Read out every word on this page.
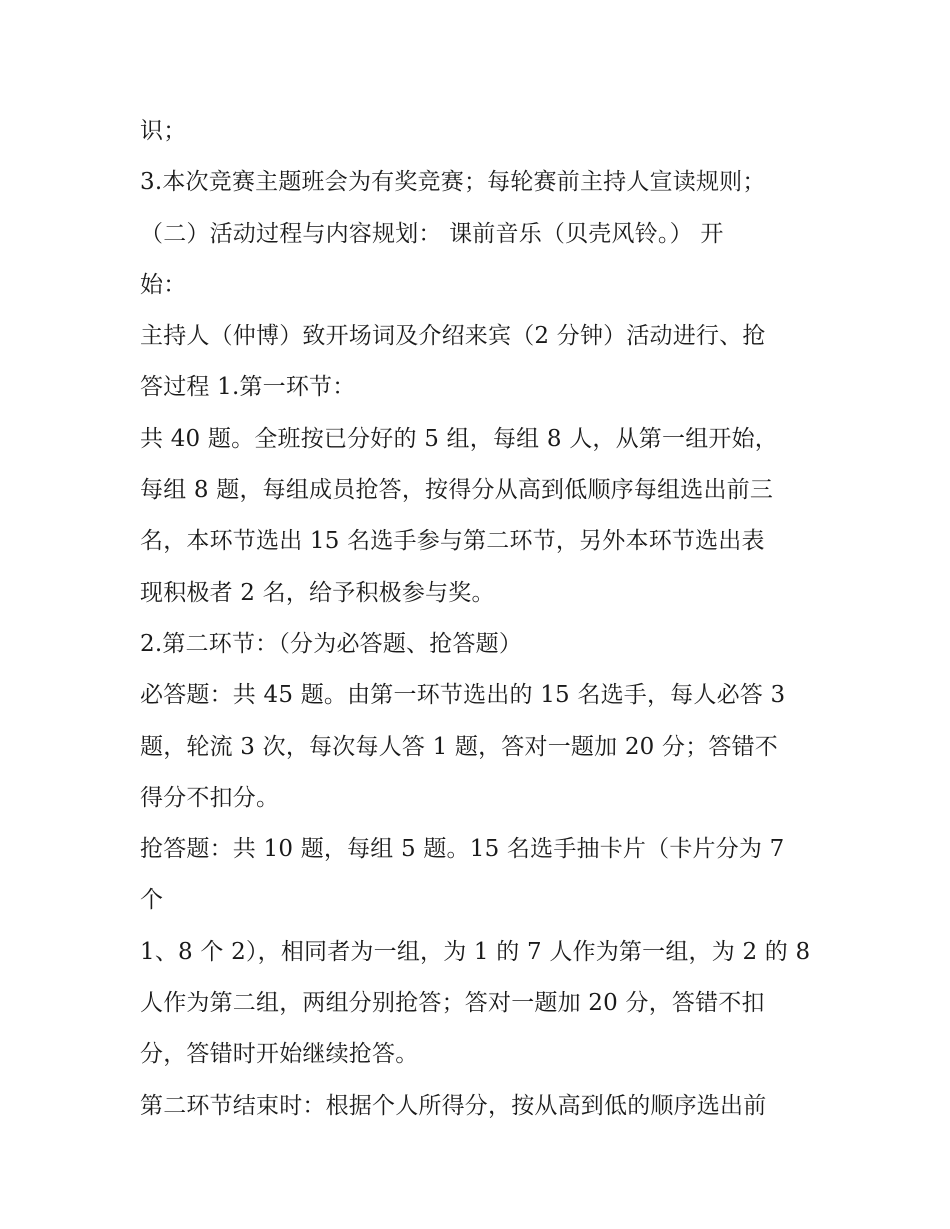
识；
3.本次竞赛主题班会为有奖竞赛；每轮赛前主持人宣读规则；
（二）活动过程与内容规划： 课前音乐（贝壳风铃。） 开
始：
主持人（仲博）致开场词及介绍来宾（2 分钟）活动进行、抢
答过程 1.第一环节：
共 40 题。全班按已分好的 5 组，每组 8 人，从第一组开始，
每组 8 题，每组成员抢答，按得分从高到低顺序每组选出前三
名，本环节选出 15 名选手参与第二环节，另外本环节选出表
现积极者 2 名，给予积极参与奖。
2.第二环节：（分为必答题、抢答题）
必答题：共 45 题。由第一环节选出的 15 名选手，每人必答 3
题，轮流 3 次，每次每人答 1 题，答对一题加 20 分；答错不
得分不扣分。
抢答题：共 10 题，每组 5 题。15 名选手抽卡片（卡片分为 7
个
1、8 个 2），相同者为一组，为 1 的 7 人作为第一组，为 2 的 8
人作为第二组，两组分别抢答；答对一题加 20 分，答错不扣
分，答错时开始继续抢答。
第二环节结束时：根据个人所得分，按从高到低的顺序选出前
